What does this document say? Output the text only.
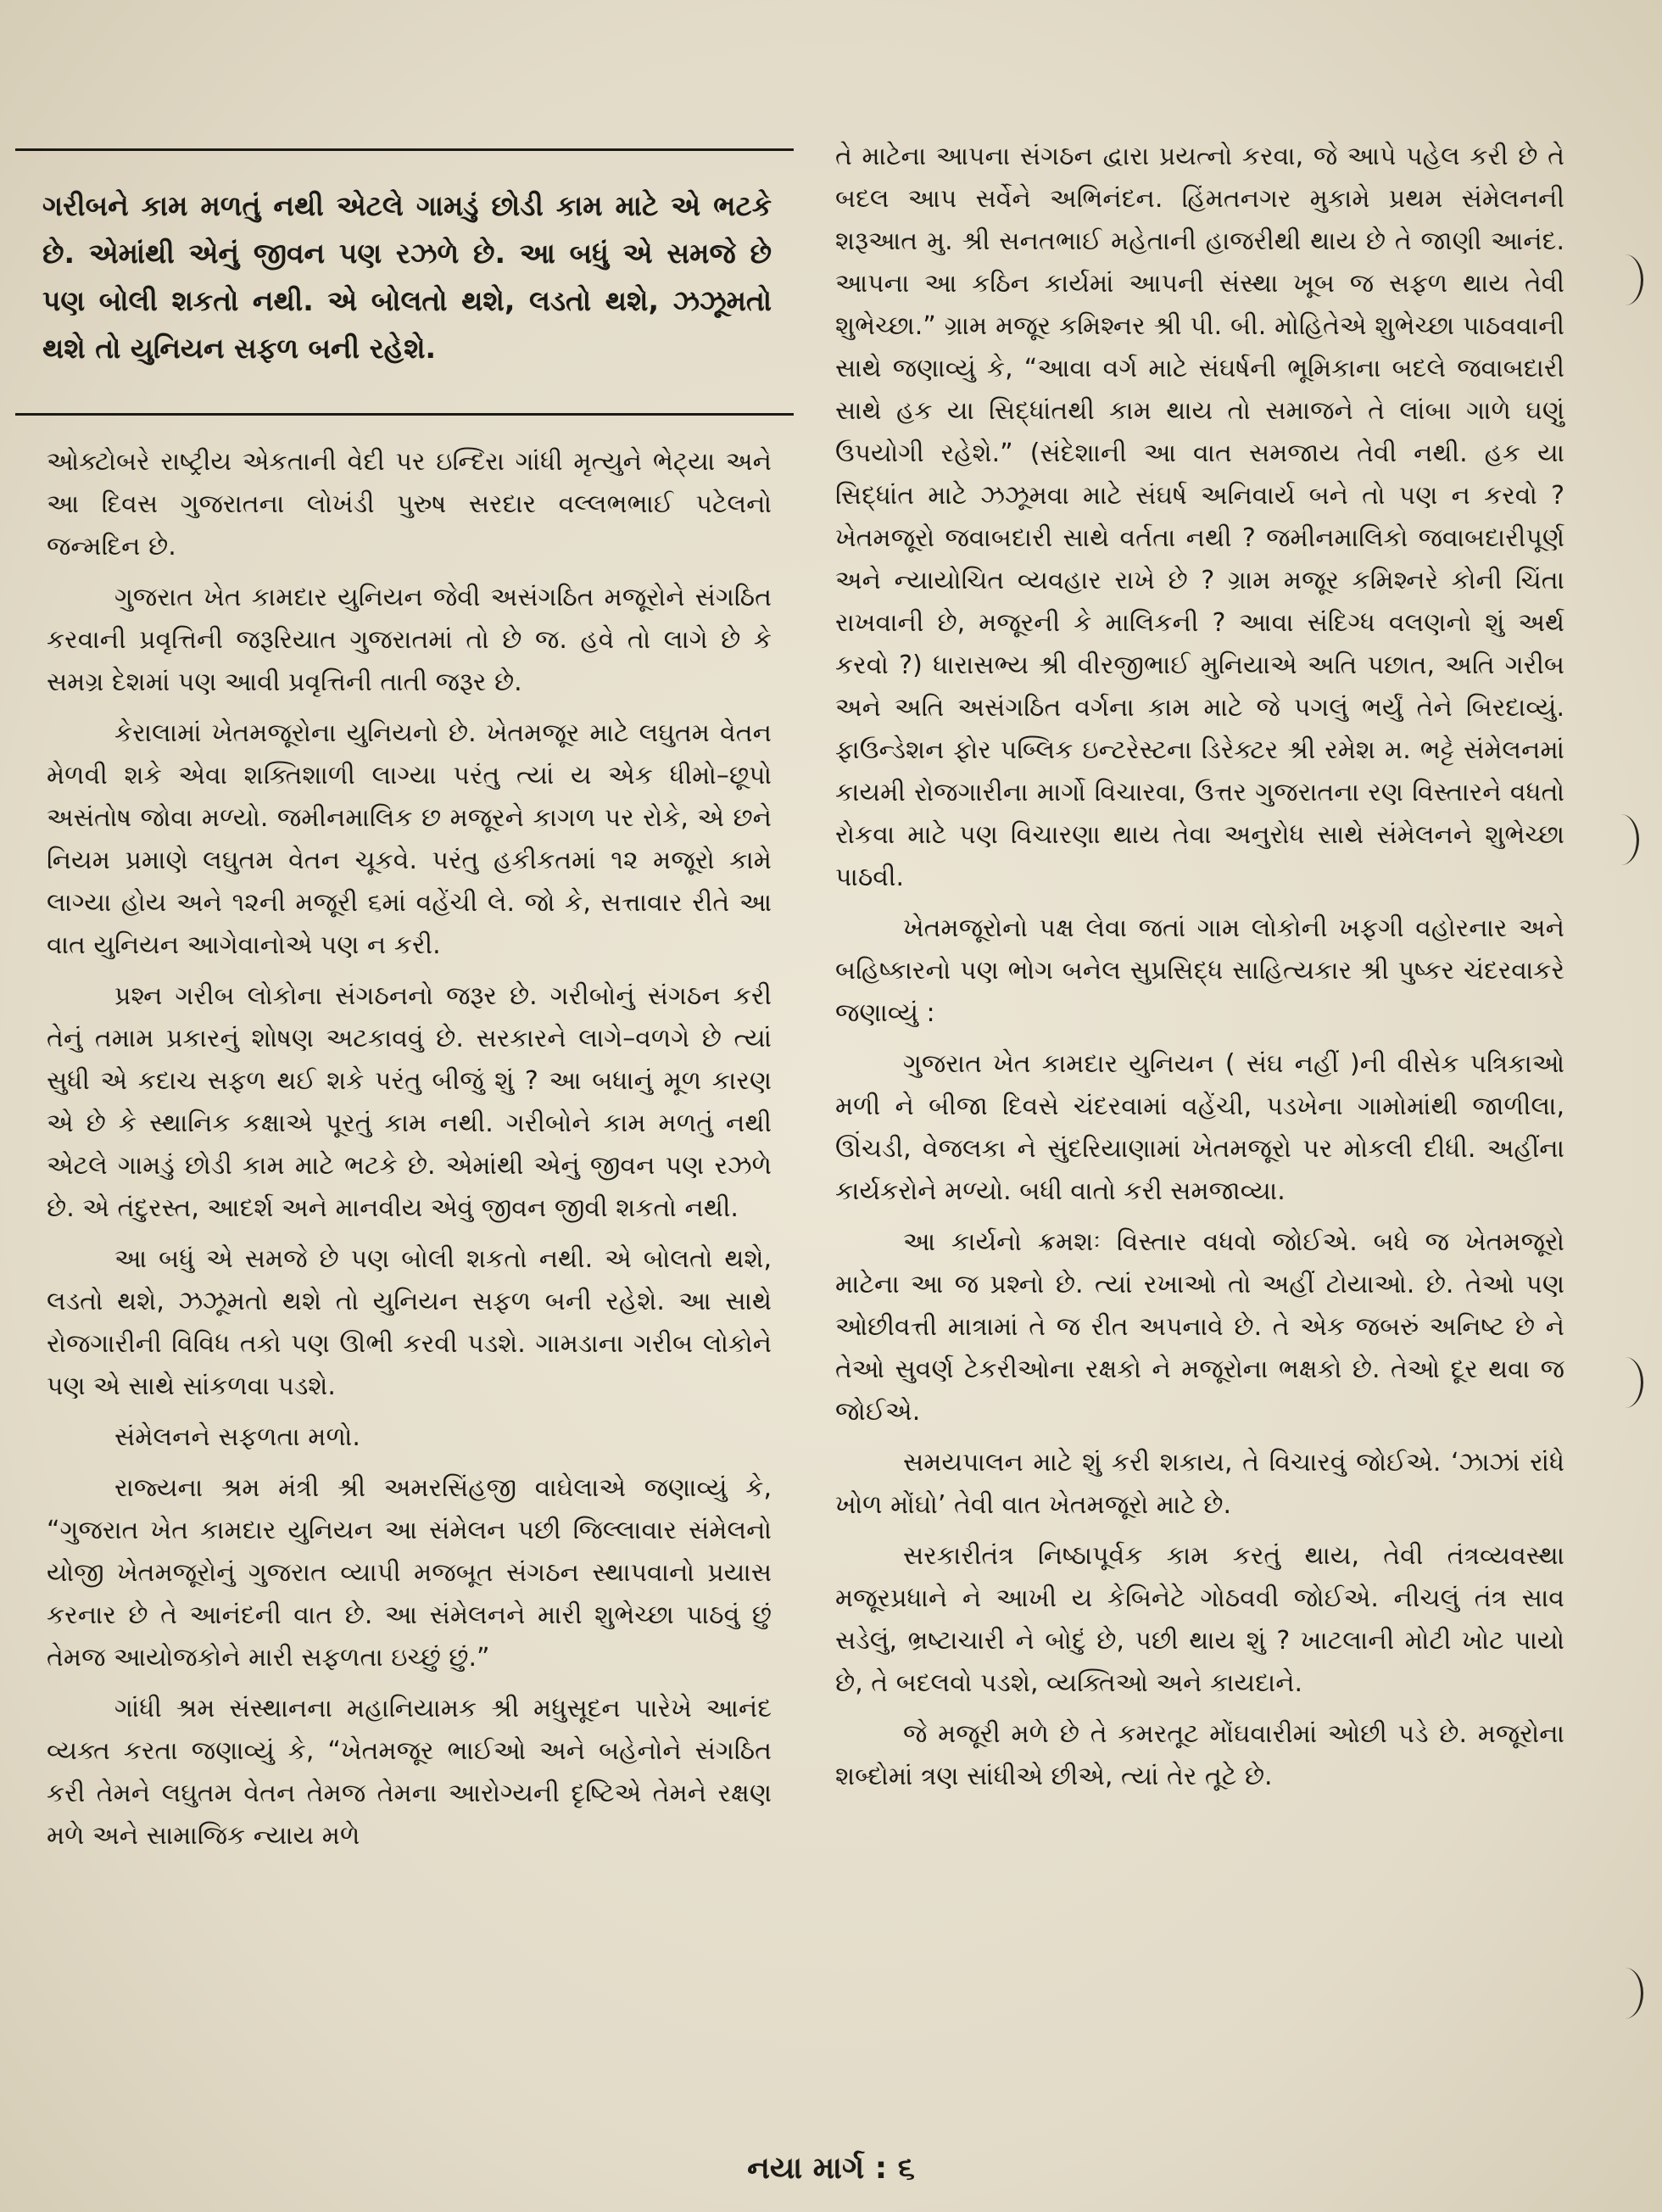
ગરીબને કામ મળતું નથી એટલે ગામડું છોડી કામ માટે એ ભટકે છે. એમાંથી એનું જીવન પણ રઝળે છે. આ બધું એ સમજે છે પણ બોલી શકતો નથી. એ બોલતો થશે, લડતો થશે, ઝઝૂમતો થશે તો યુનિયન સફળ બની રહેશે.

ઓક્ટોબરે રાષ્ટ્રીય એકતાની વેદી પર ઇન્દિરા ગાંધી મૃત્યુને ભેટ્યા અને આ દિવસ ગુજરાતના લોખંડી પુરુષ સરદાર વલ્લભભાઈ પટેલનો જન્મદિન છે.

ગુજરાત ખેત કામદાર યુનિયન જેવી અસંગઠિત મજૂરોને સંગઠિત કરવાની પ્રવૃત્તિની જરૂરિયાત ગુજરાતમાં તો છે જ. હવે તો લાગે છે કે સમગ્ર દેશમાં પણ આવી પ્રવૃત્તિની તાતી જરૂર છે.

કેરાલામાં ખેતમજૂરોના યુનિયનો છે. ખેતમજૂર માટે લઘુતમ વેતન મેળવી શકે એવા શક્તિશાળી લાગ્યા પરંતુ ત્યાં ય એક ધીમો–છૂપો અસંતોષ જોવા મળ્યો. જમીનમાલિક છ મજૂરને કાગળ પર રોકે, એ છને નિયમ પ્રમાણે લઘુતમ વેતન ચૂકવે. પરંતુ હકીકતમાં ૧૨ મજૂરો કામે લાગ્યા હોય અને ૧૨ની મજૂરી ૬માં વહેંચી લે. જો કે, સત્તાવાર રીતે આ વાત યુનિયન આગેવાનોએ પણ ન કરી.

પ્રશ્ન ગરીબ લોકોના સંગઠનનો જરૂર છે. ગરીબોનું સંગઠન કરી તેનું તમામ પ્રકારનું શોષણ અટકાવવું છે. સરકારને લાગે–વળગે છે ત્યાં સુધી એ કદાચ સફળ થઈ શકે પરંતુ બીજું શું ? આ બધાનું મૂળ કારણ એ છે કે સ્થાનિક કક્ષાએ પૂરતું કામ નથી. ગરીબોને કામ મળતું નથી એટલે ગામડું છોડી કામ માટે ભટકે છે. એમાંથી એનું જીવન પણ રઝળે છે. એ તંદુરસ્ત, આદર્શ અને માનવીય એવું જીવન જીવી શકતો નથી.

આ બધું એ સમજે છે પણ બોલી શકતો નથી. એ બોલતો થશે, લડતો થશે, ઝઝૂમતો થશે તો યુનિયન સફળ બની રહેશે. આ સાથે રોજગારીની વિવિધ તકો પણ ઊભી કરવી પડશે. ગામડાના ગરીબ લોકોને પણ એ સાથે સાંકળવા પડશે.

સંમેલનને સફળતા મળો.

રાજ્યના શ્રમ મંત્રી શ્રી અમરસિંહજી વાઘેલાએ જણાવ્યું કે, “ગુજરાત ખેત કામદાર યુનિયન આ સંમેલન પછી જિલ્લાવાર સંમેલનો યોજી ખેતમજૂરોનું ગુજરાત વ્યાપી મજબૂત સંગઠન સ્થાપવાનો પ્રયાસ કરનાર છે તે આનંદની વાત છે. આ સંમેલનને મારી શુભેચ્છા પાઠવું છું તેમજ આયોજકોને મારી સફળતા ઇચ્છું છું.”

ગાંધી શ્રમ સંસ્થાનના મહાનિયામક શ્રી મધુસૂદન પારેખે આનંદ વ્યક્ત કરતા જણાવ્યું કે, “ખેતમજૂર ભાઈઓ અને બહેનોને સંગઠિત કરી તેમને લઘુતમ વેતન તેમજ તેમના આરોગ્યની દૃષ્ટિએ તેમને રક્ષણ મળે અને સામાજિક ન્યાય મળે

તે માટેના આપના સંગઠન દ્વારા પ્રયત્નો કરવા, જે આપે પહેલ કરી છે તે બદલ આપ સર્વેને અભિનંદન. હિંમતનગર મુકામે પ્રથમ સંમેલનની શરૂઆત મુ. શ્રી સનતભાઈ મહેતાની હાજરીથી થાય છે તે જાણી આનંદ. આપના આ કઠિન કાર્યમાં આપની સંસ્થા ખૂબ જ સફળ થાય તેવી શુભેચ્છા.” ગ્રામ મજૂર કમિશ્નર શ્રી પી. બી. મોહિતેએ શુભેચ્છા પાઠવવાની સાથે જણાવ્યું કે, “આવા વર્ગ માટે સંઘર્ષની ભૂમિકાના બદલે જવાબદારી સાથે હક યા સિદ્ધાંતથી કામ થાય તો સમાજને તે લાંબા ગાળે ઘણું ઉપયોગી રહેશે.” (સંદેશાની આ વાત સમજાય તેવી નથી. હક યા સિદ્ધાંત માટે ઝઝૂમવા માટે સંઘર્ષ અનિવાર્ય બને તો પણ ન કરવો ? ખેતમજૂરો જવાબદારી સાથે વર્તતા નથી ? જમીનમાલિકો જવાબદારીપૂર્ણ અને ન્યાયોચિત વ્યવહાર રાખે છે ? ગ્રામ મજૂર કમિશ્નરે કોની ચિંતા રાખવાની છે, મજૂરની કે માલિકની ? આવા સંદિગ્ધ વલણનો શું અર્થ કરવો ?) ધારાસભ્ય શ્રી વીરજીભાઈ મુનિયાએ અતિ પછાત, અતિ ગરીબ અને અતિ અસંગઠિત વર્ગના કામ માટે જે પગલું ભર્યું તેને બિરદાવ્યું. ફાઉન્ડેશન ફોર પબ્લિક ઇન્ટરેસ્ટના ડિરેક્ટર શ્રી રમેશ મ. ભટ્ટે સંમેલનમાં કાયમી રોજગારીના માર્ગો વિચારવા, ઉત્તર ગુજરાતના રણ વિસ્તારને વધતો રોકવા માટે પણ વિચારણા થાય તેવા અનુરોધ સાથે સંમેલનને શુભેચ્છા પાઠવી.

ખેતમજૂરોનો પક્ષ લેવા જતાં ગામ લોકોની ખફગી વહોરનાર અને બહિષ્કારનો પણ ભોગ બનેલ સુપ્રસિદ્ધ સાહિત્યકાર શ્રી પુષ્કર ચંદરવાકરે જણાવ્યું :

ગુજરાત ખેત કામદાર યુનિયન ( સંઘ નહીં )ની વીસેક પત્રિકાઓ મળી ને બીજા દિવસે ચંદરવામાં વહેંચી, પડખેના ગામોમાંથી જાળીલા, ઊંચડી, વેજલકા ને સુંદરિયાણામાં ખેતમજૂરો પર મોકલી દીધી. અહીંના કાર્યકરોને મળ્યો. બધી વાતો કરી સમજાવ્યા.

આ કાર્યનો ક્રમશઃ વિસ્તાર વધવો જોઈએ. બધે જ ખેતમજૂરો માટેના આ જ પ્રશ્નો છે. ત્યાં રખાઓ તો અહીં ટોયાઓ. છે. તેઓ પણ ઓછીવત્તી માત્રામાં તે જ રીત અપનાવે છે. તે એક જબરું અનિષ્ટ છે ને તેઓ સુવર્ણ ટેકરીઓના રક્ષકો ને મજૂરોના ભક્ષકો છે. તેઓ દૂર થવા જ જોઈએ.

સમયપાલન માટે શું કરી શકાય, તે વિચારવું જોઈએ. ‘ઝાઝાં રાંધે ખોળ મોંઘો’ તેવી વાત ખેતમજૂરો માટે છે.

સરકારીતંત્ર નિષ્ઠાપૂર્વક કામ કરતું થાય, તેવી તંત્રવ્યવસ્થા મજૂરપ્રધાને ને આખી ય કેબિનેટે ગોઠવવી જોઈએ. નીચલું તંત્ર સાવ સડેલું, ભ્રષ્ટાચારી ને બોદું છે, પછી થાય શું ? ખાટલાની મોટી ખોટ પાયો છે, તે બદલવો પડશે, વ્યક્તિઓ અને કાયદાને.

જે મજૂરી મળે છે તે કમરતૂટ મોંઘવારીમાં ઓછી પડે છે. મજૂરોના શબ્દોમાં ત્રણ સાંધીએ છીએ, ત્યાં તેર તૂટે છે.

નયા માર્ગ : ૬
